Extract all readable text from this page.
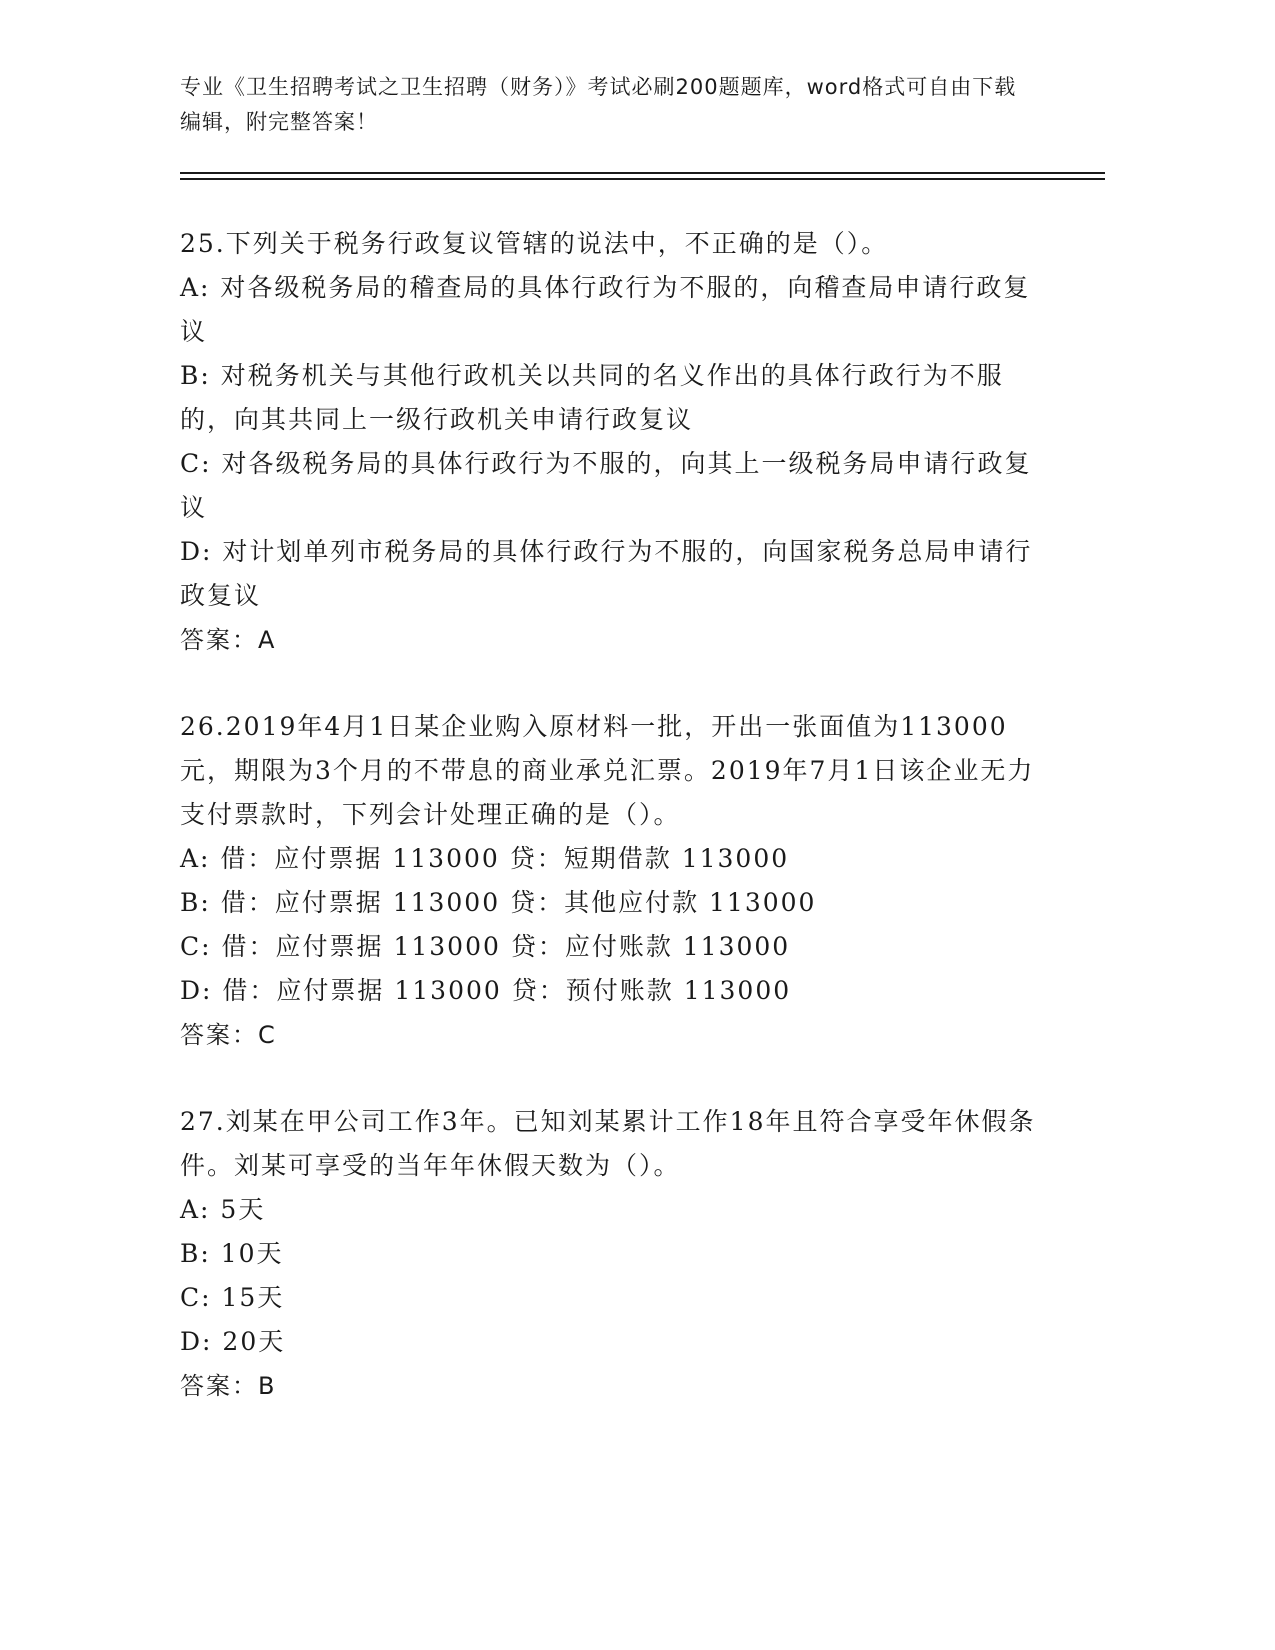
专业《卫生招聘考试之卫生招聘（财务）》考试必刷200题题库，word格式可自由下载编辑，附完整答案！

25.下列关于税务行政复议管辖的说法中，不正确的是（）。

A: 对各级税务局的稽查局的具体行政行为不服的，向稽查局申请行政复议

B: 对税务机关与其他行政机关以共同的名义作出的具体行政行为不服的，向其共同上一级行政机关申请行政复议

C: 对各级税务局的具体行政行为不服的，向其上一级税务局申请行政复议

D: 对计划单列市税务局的具体行政行为不服的，向国家税务总局申请行政复议

答案：A

26.2019年4月1日某企业购入原材料一批，开出一张面值为113000元，期限为3个月的不带息的商业承兑汇票。2019年7月1日该企业无力支付票款时，下列会计处理正确的是（）。

A: 借：应付票据 113000 贷：短期借款 113000

B: 借：应付票据 113000 贷：其他应付款 113000

C: 借：应付票据 113000 贷：应付账款 113000

D: 借：应付票据 113000 贷：预付账款 113000

答案：C

27.刘某在甲公司工作3年。已知刘某累计工作18年且符合享受年休假条件。刘某可享受的当年年休假天数为（）。

A: 5天

B: 10天

C: 15天

D: 20天

答案：B
